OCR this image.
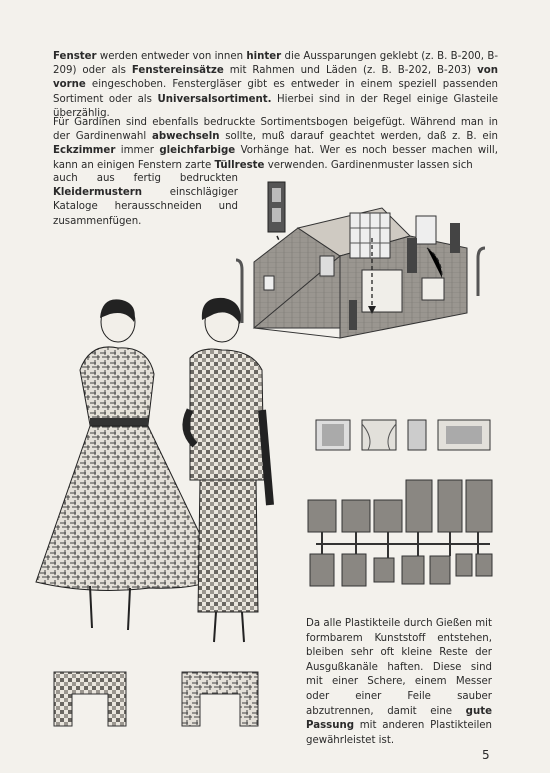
Fenster werden entweder von innen hinter die Aussparungen geklebt (z. B. B-200, B-209) oder als Fenstereinsätze mit Rahmen und Läden (z. B. B-202, B-203) von vorne eingeschoben. Fenstergläser gibt es entweder in einem speziell passenden Sortiment oder als Universalsortiment. Hierbei sind in der Regel einige Glasteile überzählig.

Für Gardinen sind ebenfalls bedruckte Sortimentsbogen beigefügt. Während man in der Gardinenwahl abwechseln sollte, muß darauf geachtet werden, daß z. B. ein Eckzimmer immer gleichfarbige Vorhänge hat. Wer es noch besser machen will, kann an einigen Fenstern zarte Tüllreste verwenden. Gardinenmuster lassen sich

auch aus fertig bedruckten Kleidermustern einschlägiger Kataloge herausschneiden und zusammenfügen.

Da alle Plastikteile durch Gießen mit formbarem Kunststoff entstehen, bleiben sehr oft kleine Reste der Ausgußkanäle haften. Diese sind mit einer Schere, einem Messer oder einer Feile sauber abzutrennen, damit eine gute Passung mit anderen Plastikteilen gewährleistet ist.

5
